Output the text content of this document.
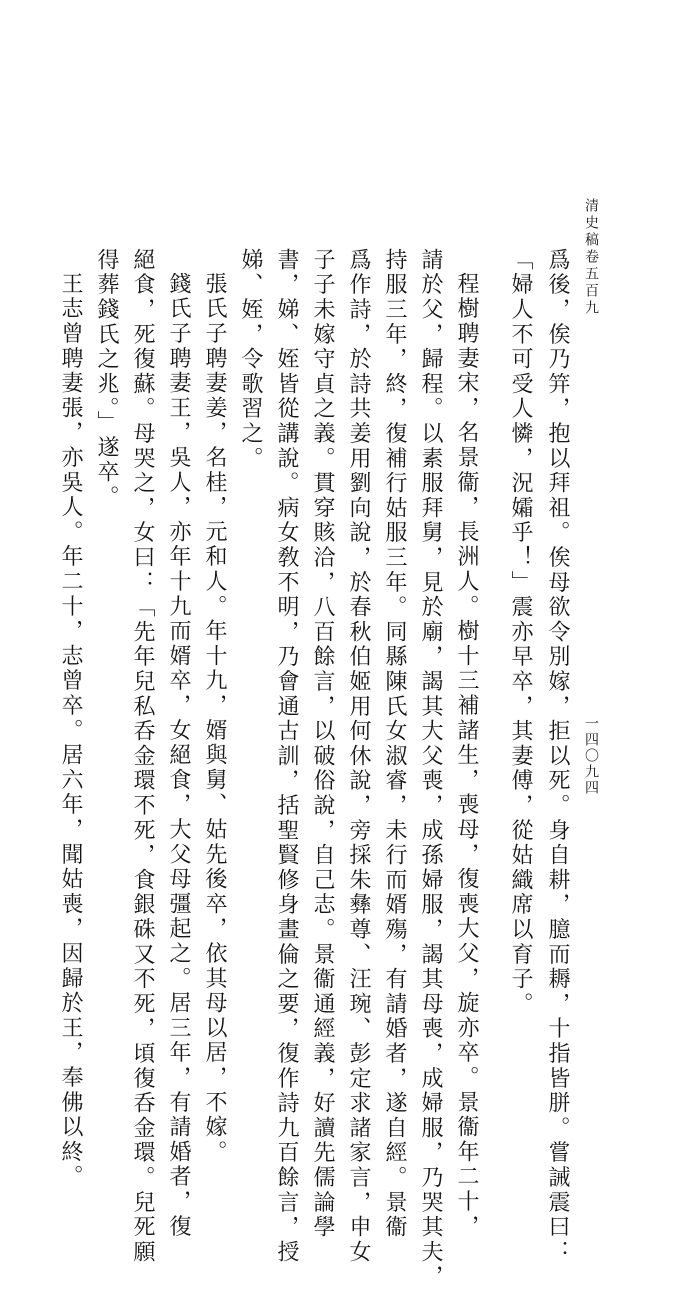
清史稿卷五百九
一四〇九四
爲後，俟乃笄，抱以拜祖。俟母欲令別嫁，拒以死。身自耕，臆而耨，十指皆胼。嘗誡震曰：
「婦人不可受人憐，況孀乎！」震亦早卒，其妻傅，從姑織席以育子。
程樹聘妻宋，名景衞，長洲人。樹十三補諸生，喪母，復喪大父，旋亦卒。景衞年二十，
請於父，歸程。以素服拜舅，見於廟，謁其大父喪，成孫婦服，謁其母喪，成婦服，乃哭其夫，
持服三年，終，復補行姑服三年。同縣陳氏女淑睿，未行而婿殤，有請婚者，遂自經。景衞
爲作詩，於詩共姜用劉向說，於春秋伯姬用何休說，旁採朱彝尊、汪琬、彭定求諸家言，申女
子子未嫁守貞之義。貫穿賅洽，八百餘言，以破俗說，自己志。景衞通經義，好讀先儒論學
書，娣、姪皆從講說。病女敎不明，乃會通古訓，括聖賢修身畫倫之要，復作詩九百餘言，授
娣、姪，令歌習之。
張氏子聘妻姜，名桂，元和人。年十九，婿與舅、姑先後卒，依其母以居，不嫁。
錢氏子聘妻王，吳人，亦年十九而婿卒，女絕食，大父母彊起之。居三年，有請婚者，復
絕食，死復蘇。母哭之，女曰：「先年兒私呑金環不死，食銀硃又不死，頃復呑金環。兒死願
得葬錢氏之兆。」遂卒。
王志曾聘妻張，亦吳人。年二十，志曾卒。居六年，聞姑喪，因歸於王，奉佛以終。
